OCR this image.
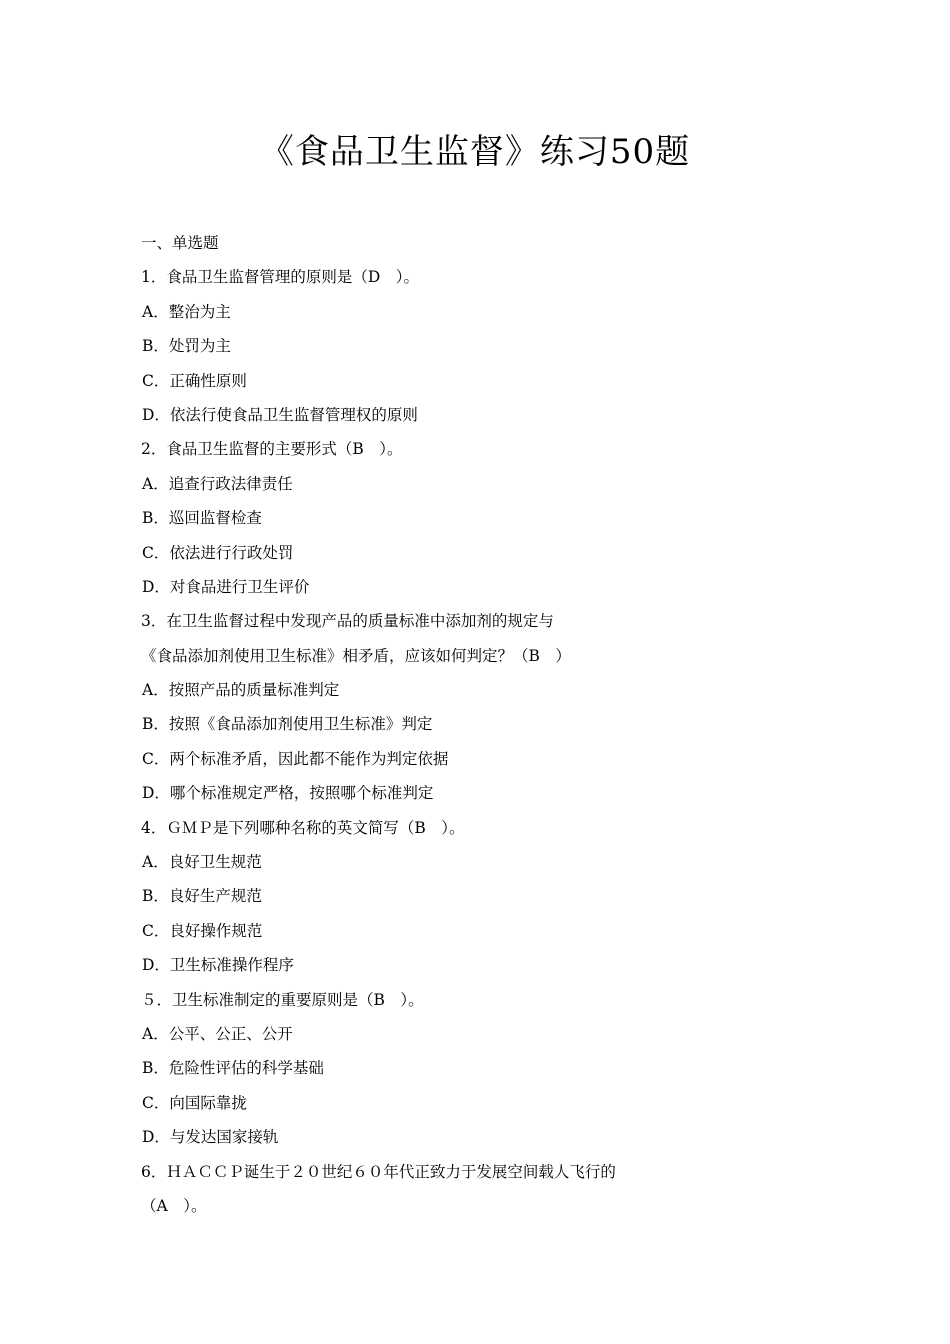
《食品卫生监督》练习50题
一、单选题
1．食品卫生监督管理的原则是（D　）。
A．整治为主
B．处罚为主
C．正确性原则
D．依法行使食品卫生监督管理权的原则
2．食品卫生监督的主要形式（B　）。
A．追查行政法律责任
B．巡回监督检查
C．依法进行行政处罚
D．对食品进行卫生评价
3．在卫生监督过程中发现产品的质量标准中添加剂的规定与
《食品添加剂使用卫生标准》相矛盾，应该如何判定？（B　）
A．按照产品的质量标准判定
B．按照《食品添加剂使用卫生标准》判定
C．两个标准矛盾，因此都不能作为判定依据
D．哪个标准规定严格，按照哪个标准判定
4．ＧＭＰ是下列哪种名称的英文简写（B　）。
A．良好卫生规范
B．良好生产规范
C．良好操作规范
D．卫生标准操作程序
５．卫生标准制定的重要原则是（B　）。
A．公平、公正、公开
B．危险性评估的科学基础
C．向国际靠拢
D．与发达国家接轨
6．ＨＡＣＣＰ诞生于２０世纪６０年代正致力于发展空间载人飞行的
（A　）。
